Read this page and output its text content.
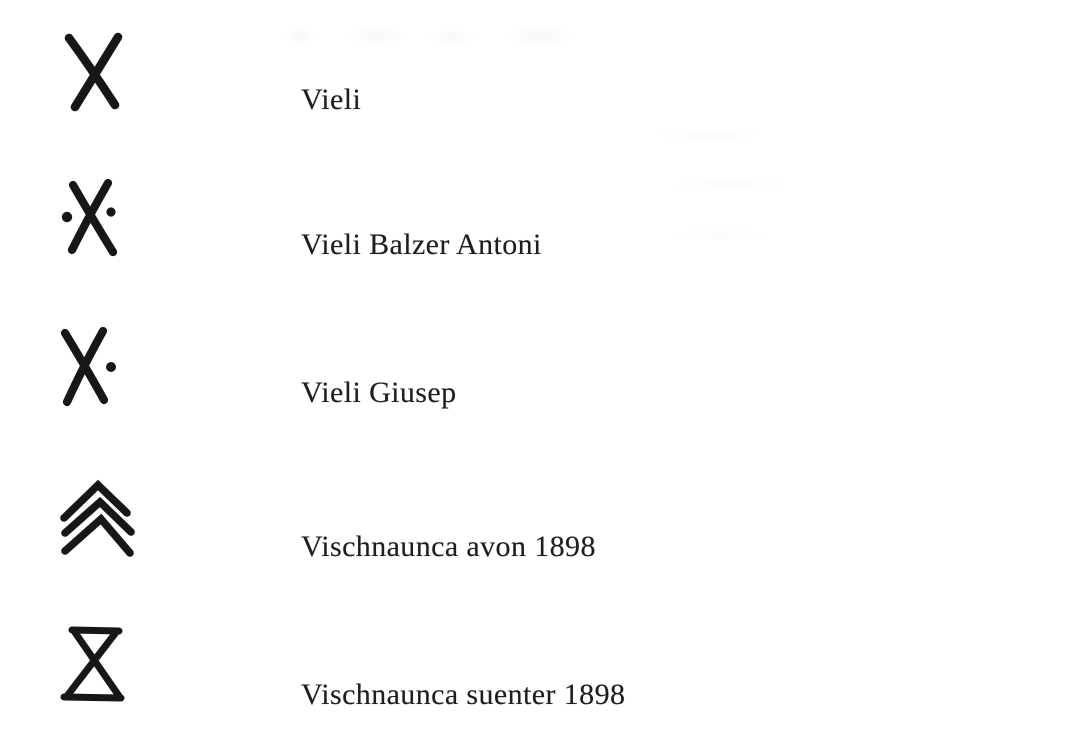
Vieli
Vieli Balzer Antoni
Vieli Giusep
Vischnaunca avon 1898
Vischnaunca suenter 1898
